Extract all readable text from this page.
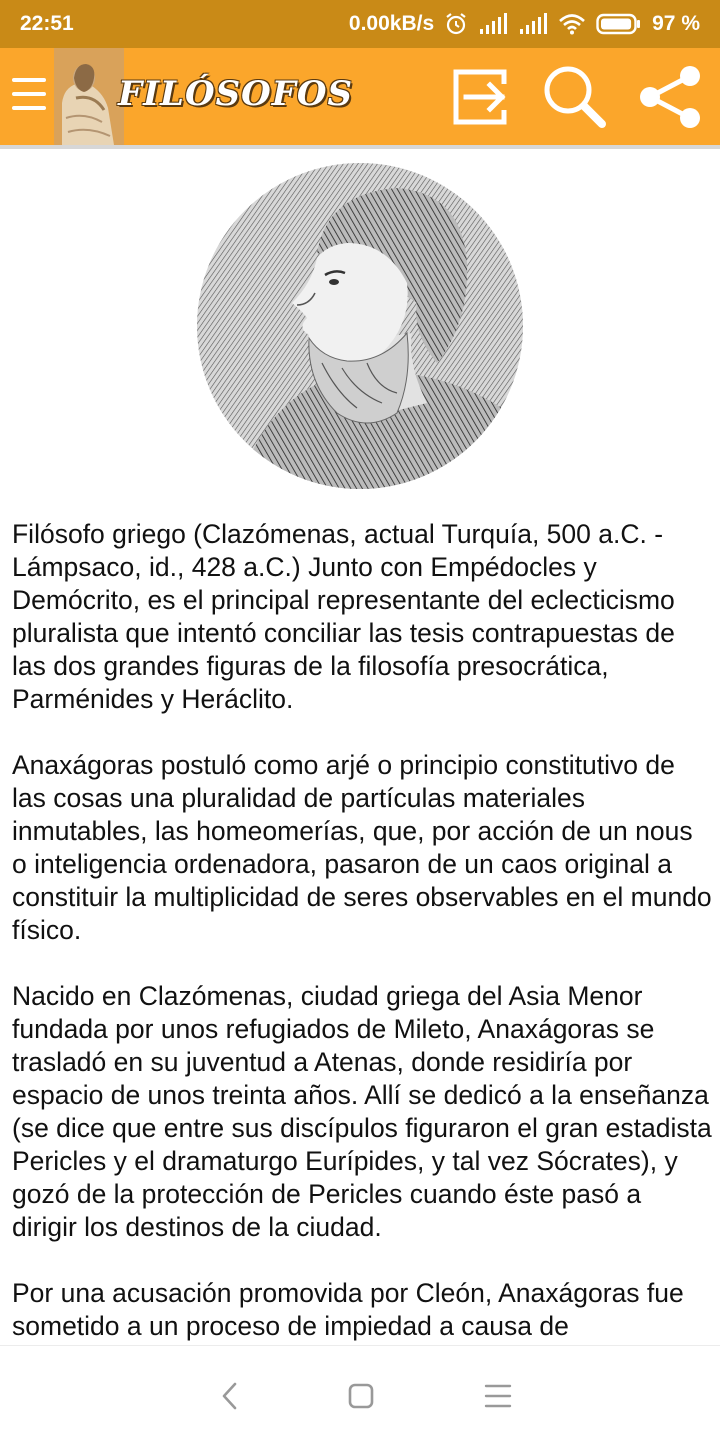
22:51	0.00kB/s	97 %
FILÓSOFOS

Filósofo griego (Clazómenas, actual Turquía, 500 a.C. - Lámpsaco, id., 428 a.C.) Junto con Empédocles y Demócrito, es el principal representante del eclecticismo pluralista que intentó conciliar las tesis contrapuestas de las dos grandes figuras de la filosofía presocrática, Parménides y Heráclito.

Anaxágoras postuló como arjé o principio constitutivo de las cosas una pluralidad de partículas materiales inmutables, las homeomerías, que, por acción de un nous o inteligencia ordenadora, pasaron de un caos original a constituir la multiplicidad de seres observables en el mundo físico.

Nacido en Clazómenas, ciudad griega del Asia Menor fundada por unos refugiados de Mileto, Anaxágoras se trasladó en su juventud a Atenas, donde residiría por espacio de unos treinta años. Allí se dedicó a la enseñanza (se dice que entre sus discípulos figuraron el gran estadista Pericles y el dramaturgo Eurípides, y tal vez Sócrates), y gozó de la protección de Pericles cuando éste pasó a dirigir los destinos de la ciudad.

Por una acusación promovida por Cleón, Anaxágoras fue sometido a un proceso de impiedad a causa de
